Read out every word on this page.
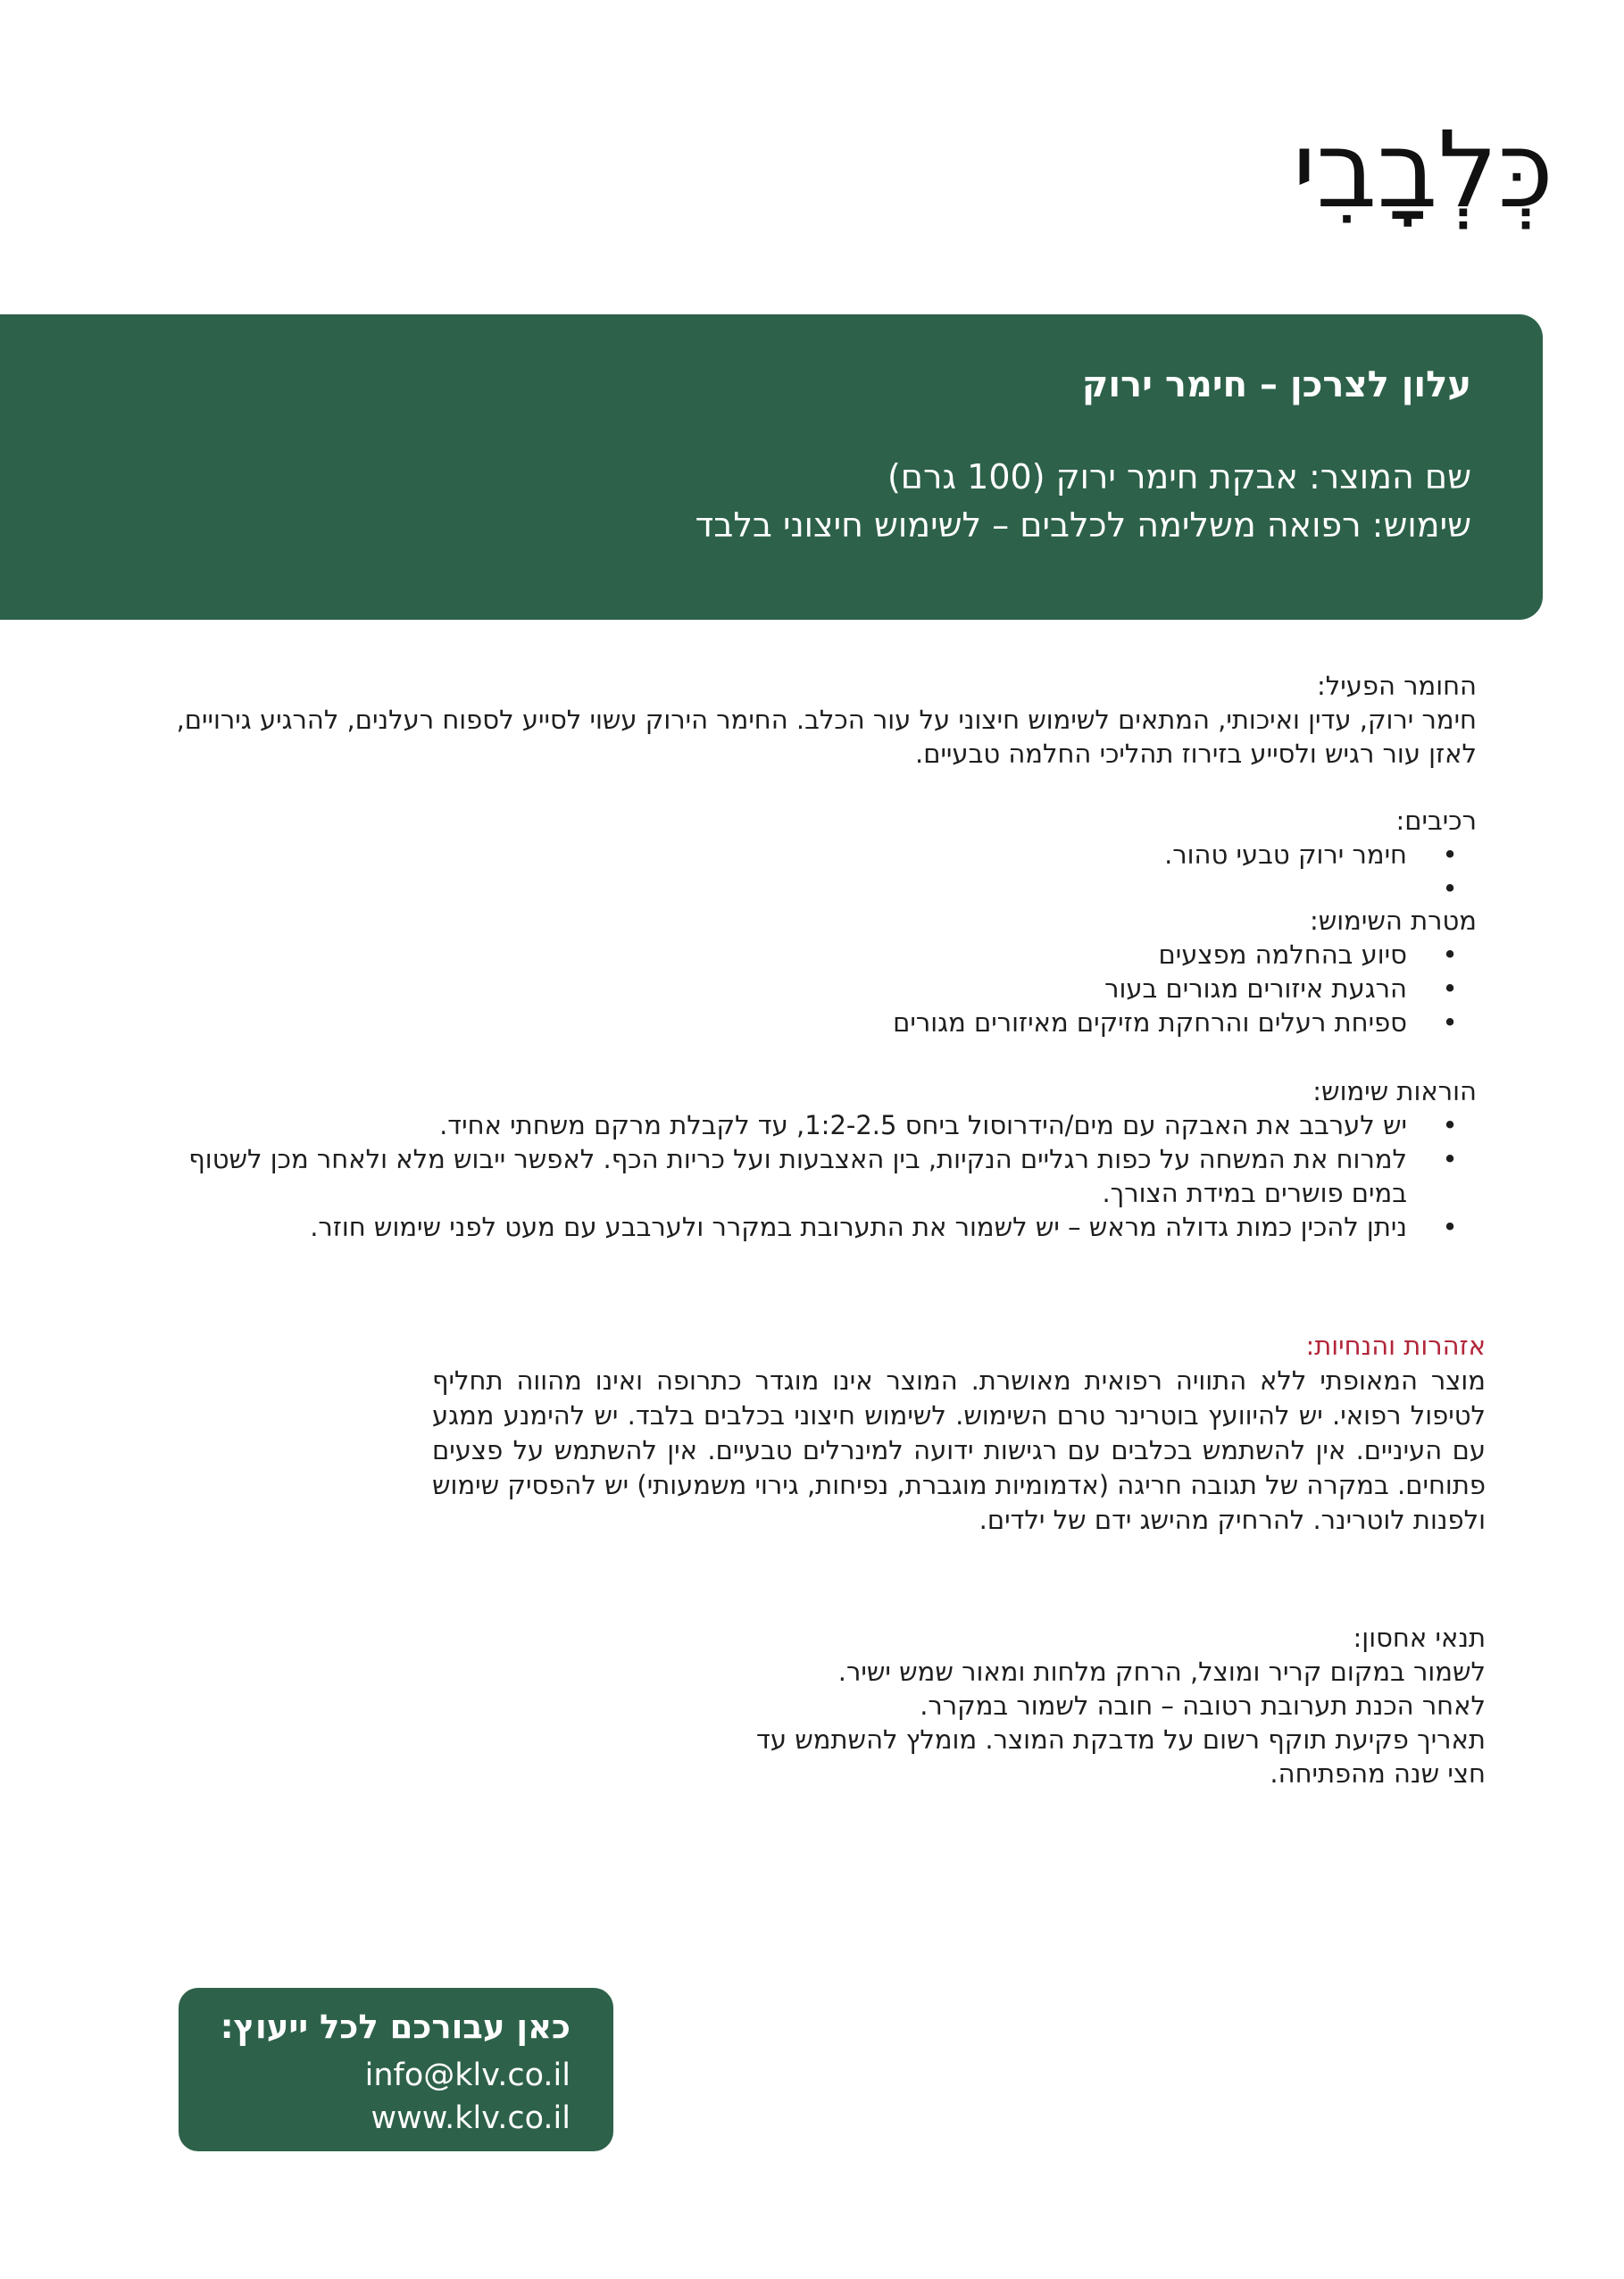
כְּלְבָבִי
עלון לצרכן – חימר ירוק
שם המוצר: אבקת חימר ירוק (100 גרם)
שימוש: רפואה משלימה לכלבים – לשימוש חיצוני בלבד

החומר הפעיל:

חימר ירוק, עדין ואיכותי, המתאים לשימוש חיצוני על עור הכלב. החימר הירוק עשוי לסייע לספוח רעלנים, להרגיע גירויים, לאזן עור רגיש ולסייע בזירוז תהליכי החלמה טבעיים.

רכיבים:

•
חימר ירוק טבעי טהור.
•

מטרת השימוש:

•
סיוע בהחלמה מפצעים
•
הרגעת איזורים מגורים בעור
•
ספיחת רעלים והרחקת מזיקים מאיזורים מגורים

הוראות שימוש:

•
יש לערבב את האבקה עם מים/הידרוסול ביחס 1:2-2.5, עד לקבלת מרקם משחתי אחיד.
•
למרוח את המשחה על כפות רגליים הנקיות, בין האצבעות ועל כריות הכף. לאפשר ייבוש מלא ולאחר מכן לשטוף במים פושרים במידת הצורך.
•
ניתן להכין כמות גדולה מראש – יש לשמור את התערובת במקרר ולערבבע עם מעט לפני שימוש חוזר.

אזהרות והנחיות:

מוצר המאופתי ללא התוויה רפואית מאושרת. המוצר אינו מוגדר כתרופה ואינו מהווה תחליף לטיפול רפואי. יש להיוועץ בוטרינר טרם השימוש. לשימוש חיצוני בכלבים בלבד. יש להימנע ממגע עם העיניים. אין להשתמש בכלבים עם רגישות ידועה למינרלים טבעיים. אין להשתמש על פצעים פתוחים. במקרה של תגובה חריגה (אדמומיות מוגברת, נפיחות, גירוי משמעותי) יש להפסיק שימוש ולפנות לוטרינר. להרחיק מהישג ידם של ילדים.

תנאי אחסון:

לשמור במקום קריר ומוצל, הרחק מלחות ומאור שמש ישיר.

לאחר הכנת תערובת רטובה – חובה לשמור במקרר.

תאריך פקיעת תוקף רשום על מדבקת המוצר. מומלץ להשתמש עד

חצי שנה מהפתיחה.

כאן עבורכם לכל ייעוץ:
info@klv.co.il
www.klv.co.il
